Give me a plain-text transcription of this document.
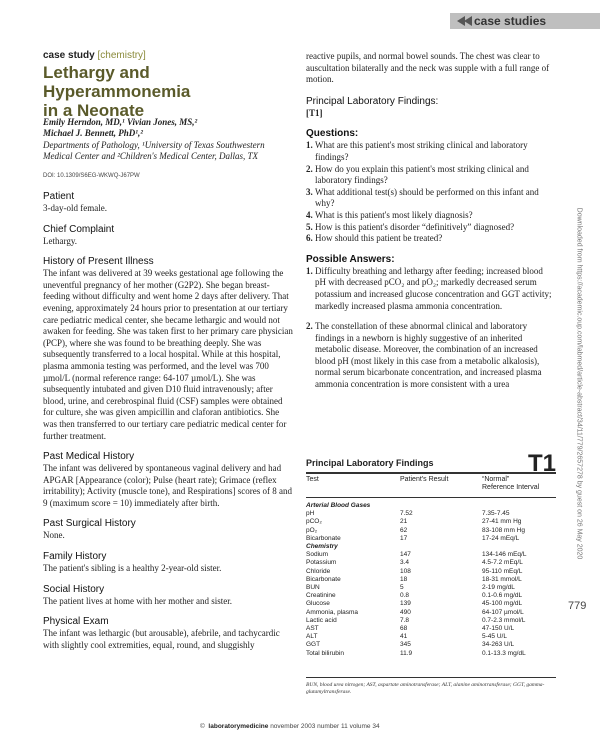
case studies
case study [chemistry]
Lethargy and
Hyperammonemia
in a Neonate
Emily Herndon, MD,¹ Vivian Jones, MS,²
Michael J. Bennett, PhD¹,²
Departments of Pathology, ¹University of Texas Southwestern
Medical Center and ²Children's Medical Center, Dallas, TX
DOI: 10.1309/S6EG-WKWQ-J67PW
Patient

3-day-old female.

Chief Complaint

Lethargy.

History of Present Illness

The infant was delivered at 39 weeks gestational age following the uneventful pregnancy of her mother (G2P2). She began breast-feeding without difficulty and went home 2 days after delivery. That evening, approximately 24 hours prior to presentation at our tertiary care pediatric medical center, she became lethargic and would not awaken for feeding. She was taken first to her primary care physician (PCP), where she was found to be breathing deeply. She was subsequently transferred to a local hospital. While at this hospital, plasma ammonia testing was performed, and the level was 700 µmol/L (normal reference range: 64-107 µmol/L). She was subsequently intubated and given D10 fluid intravenously; after blood, urine, and cerebrospinal fluid (CSF) samples were obtained for culture, she was given ampicillin and claforan antibiotics. She was then transferred to our tertiary care pediatric medical center for further treatment.

Past Medical History

The infant was delivered by spontaneous vaginal delivery and had APGAR [Appearance (color); Pulse (heart rate); Grimace (reflex irritability); Activity (muscle tone), and Respirations] scores of 8 and 9 (maximum score = 10) immediately after birth.

Past Surgical History

None.

Family History

The patient's sibling is a healthy 2-year-old sister.

Social History

The patient lives at home with her mother and sister.

Physical Exam

The infant was lethargic (but arousable), afebrile, and tachycardic with slightly cool extremities, equal, round, and sluggishly

reactive pupils, and normal bowel sounds. The chest was clear to auscultation bilaterally and the neck was supple with a full range of motion.

Principal Laboratory Findings:

[T1]

Questions:
1. What are this patient's most striking clinical and laboratory findings?
2. How do you explain this patient's most striking clinical and laboratory findings?
3. What additional test(s) should be performed on this infant and why?
4. What is this patient's most likely diagnosis?
5. How is this patient's disorder “definitively” diagnosed?
6. How should this patient be treated?
Possible Answers:
1. Difficulty breathing and lethargy after feeding; increased blood pH with decreased pCO₂ and pO₂; markedly decreased serum potassium and increased glucose concentration and GGT activity; markedly increased plasma ammonia concentration.
2. The constellation of these abnormal clinical and laboratory findings in a newborn is highly suggestive of an inherited metabolic disease. Moreover, the combination of an increased blood pH (most likely in this case from a metabolic alkalosis), normal serum bicarbonate concentration, and increased plasma ammonia concentration is more consistent with a urea
Principal Laboratory Findings	T1
Test	Patient's Result	“Normal”
Reference Interval
Arterial Blood Gases
pH	7.52	7.35-7.45
pCO₂	21	27-41 mm Hg
pO₂	62	83-108 mm Hg
Bicarbonate	17	17-24 mEq/L
Chemistry
Sodium	147	134-146 mEq/L
Potassium	3.4	4.5-7.2 mEq/L
Chloride	108	95-110 mEq/L
Bicarbonate	18	18-31 mmol/L
BUN	5	2-19 mg/dL
Creatinine	0.8	0.1-0.6 mg/dL
Glucose	139	45-100 mg/dL
Ammonia, plasma	490	64-107 µmol/L
Lactic acid	7.8	0.7-2.3 mmol/L
AST	68	47-150 U/L
ALT	41	5-45 U/L
GGT	345	34-263 U/L
Total bilirubin	11.9	0.1-13.3 mg/dL
BUN, blood urea nitrogen; AST, aspartate aminotransferase; ALT, alanine aminotransferase; GGT, gamma-glutamyltransferase.
Downloaded from https://academic.oup.com/labmed/article-abstract/34/11/779/2657278 by guest on 26 May 2020
779
© laboratorymedicine november 2003 number 11 volume 34
